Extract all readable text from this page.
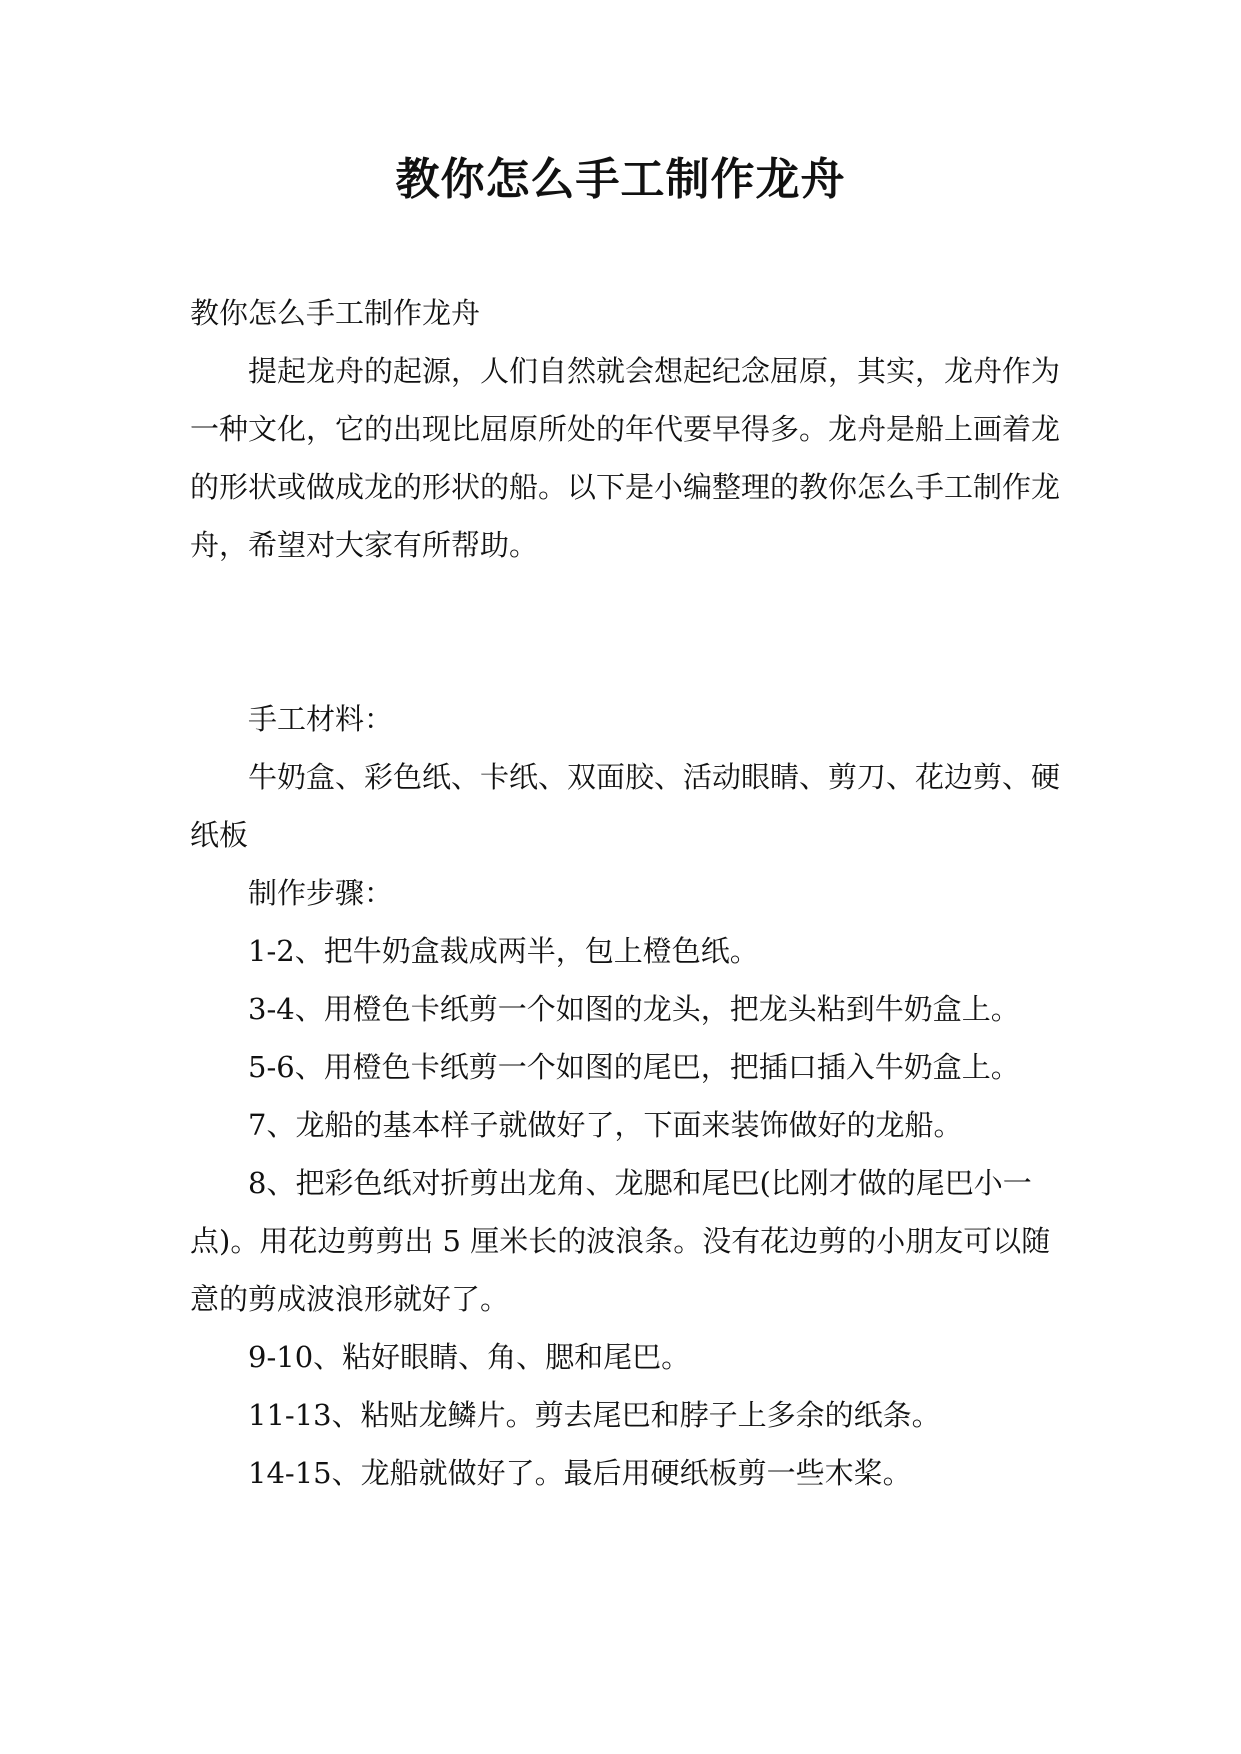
教你怎么手工制作龙舟

教你怎么手工制作龙舟

提起龙舟的起源，人们自然就会想起纪念屈原，其实，龙舟作为一种文化，它的出现比屈原所处的年代要早得多。龙舟是船上画着龙的形状或做成龙的形状的船。以下是小编整理的教你怎么手工制作龙舟，希望对大家有所帮助。

手工材料：

牛奶盒、彩色纸、卡纸、双面胶、活动眼睛、剪刀、花边剪、硬纸板

制作步骤：

1-2、把牛奶盒裁成两半，包上橙色纸。

3-4、用橙色卡纸剪一个如图的龙头，把龙头粘到牛奶盒上。

5-6、用橙色卡纸剪一个如图的尾巴，把插口插入牛奶盒上。

7、龙船的基本样子就做好了，下面来装饰做好的龙船。

8、把彩色纸对折剪出龙角、龙腮和尾巴(比刚才做的尾巴小一点)。用花边剪剪出 5 厘米长的波浪条。没有花边剪的小朋友可以随意的剪成波浪形就好了。

9-10、粘好眼睛、角、腮和尾巴。

11-13、粘贴龙鳞片。剪去尾巴和脖子上多余的纸条。

14-15、龙船就做好了。最后用硬纸板剪一些木桨。
